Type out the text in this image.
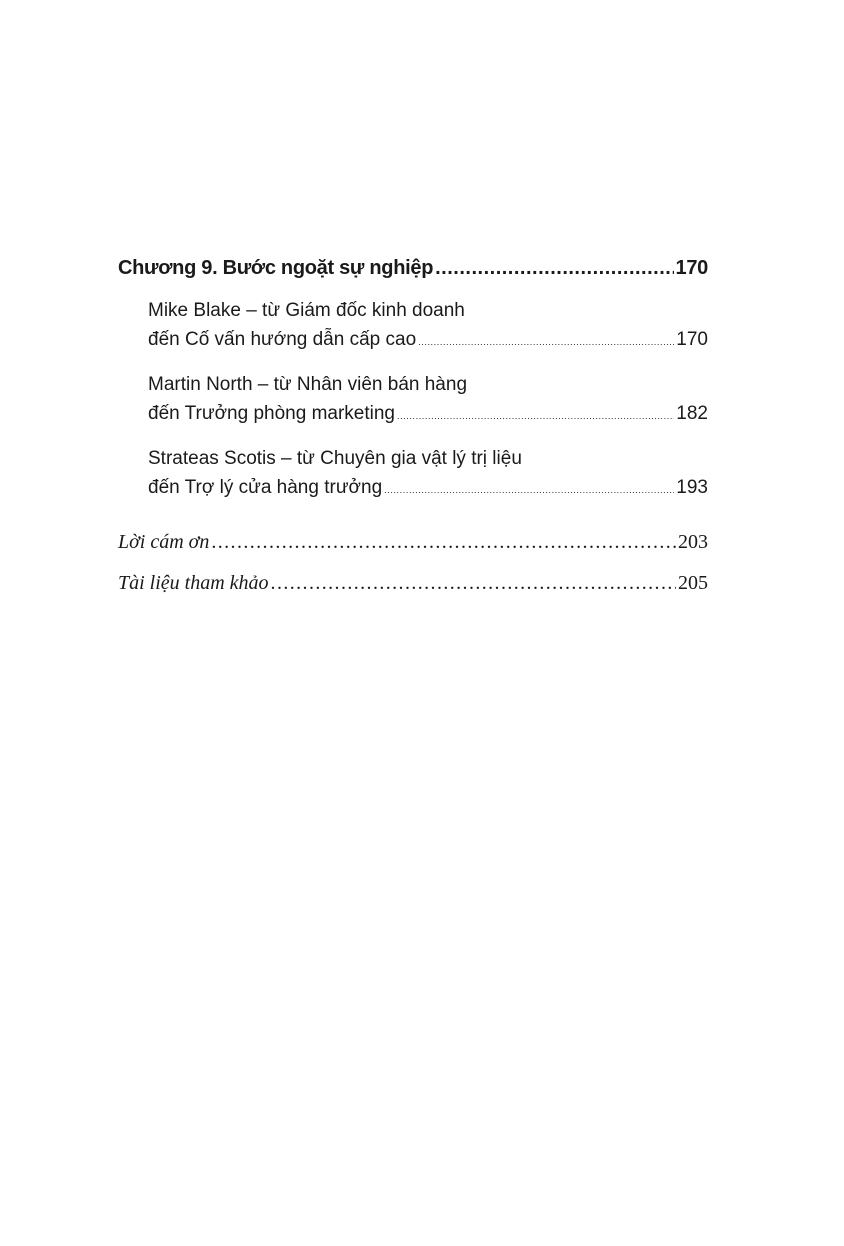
Chương 9. Bước ngoặt sự nghiệp .....	170
Mike Blake – từ Giám đốc kinh doanh
đến Cố vấn hướng dẫn cấp cao .....	170
Martin North – từ Nhân viên bán hàng
đến Trưởng phòng marketing .....	182
Strateas Scotis – từ Chuyên gia vật lý trị liệu
đến Trợ lý cửa hàng trưởng .....	193
Lời cám ơn .....	203
Tài liệu tham khảo .....	205
